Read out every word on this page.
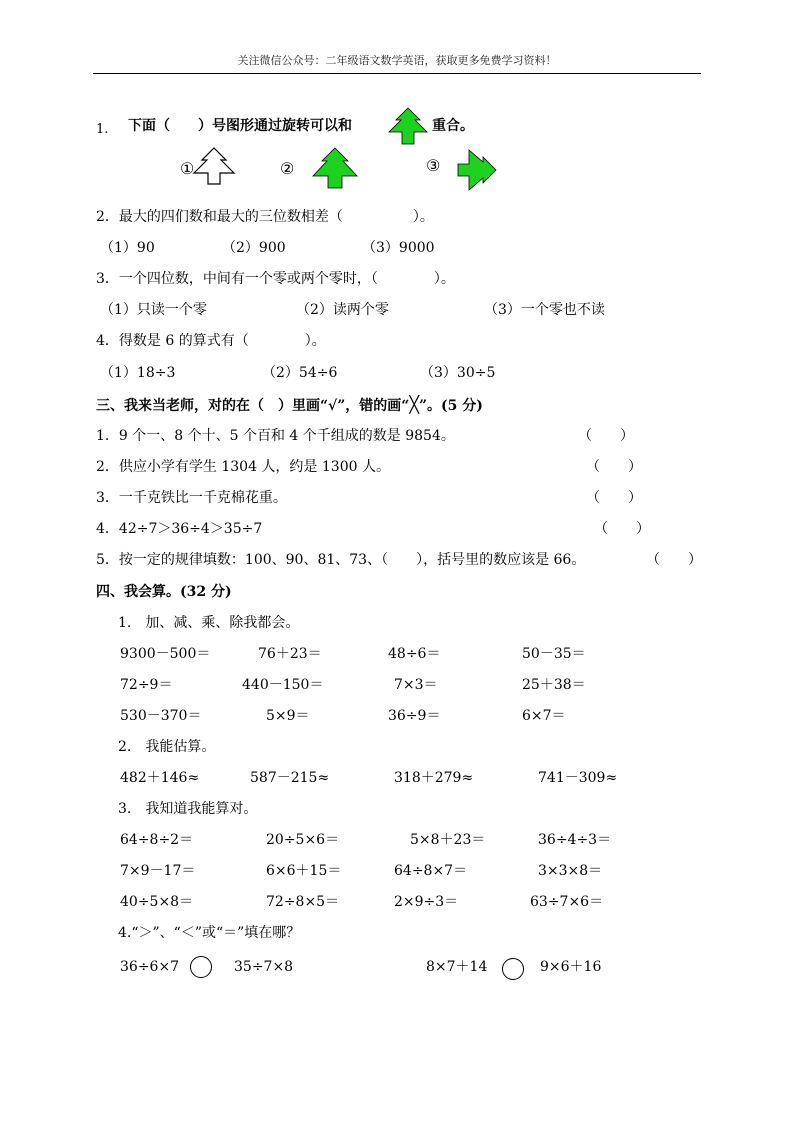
关注微信公众号：二年级语文数学英语，获取更多免费学习资料！
1. 下面（　　）号图形通过旋转可以和	重合。
①	②	③
2．最大的四们数和最大的三位数相差（　　　　　）。
（1）90	（2）900	（3）9000
3．一个四位数，中间有一个零或两个零时，（　　　　）。
（1）只读一个零	（2）读两个零	（3）一个零也不读
4．得数是 6 的算式有（　　　　）。
（1）18÷3	（2）54÷6	（3）30÷5
三、我来当老师，对的在（　）里画“√”，错的画“╳”。(5 分)
1．9 个一、8 个十、5 个百和 4 个千组成的数是 9854。	（　　）
2．供应小学有学生 1304 人，约是 1300 人。	（　　）
3．一千克铁比一千克棉花重。	（　　）
4．42÷7＞36÷4＞35÷7	（　　）
5．按一定的规律填数：100、90、81、73、（　　），括号里的数应该是 66。	（　　）
四、我会算。(32 分)
1.　加、减、乘、除我都会。
9300－500＝	76＋23＝	48÷6＝	50－35＝
72÷9＝	440－150＝	7×3＝	25＋38＝
530－370＝	5×9＝	36÷9＝	6×7＝
2.　我能估算。
482＋146≈	587－215≈	318＋279≈	741－309≈
3.　我知道我能算对。
64÷8÷2＝	20÷5×6＝	5×8＋23＝	36÷4÷3＝
7×9－17＝	6×6＋15＝	64÷8×7＝	3×3×8＝
40÷5×8＝	72÷8×5＝	2×9÷3＝	63÷7×6＝
4.“＞”、“＜”或“＝”填在哪？
36÷6×7	35÷7×8	8×7＋14	9×6＋16
